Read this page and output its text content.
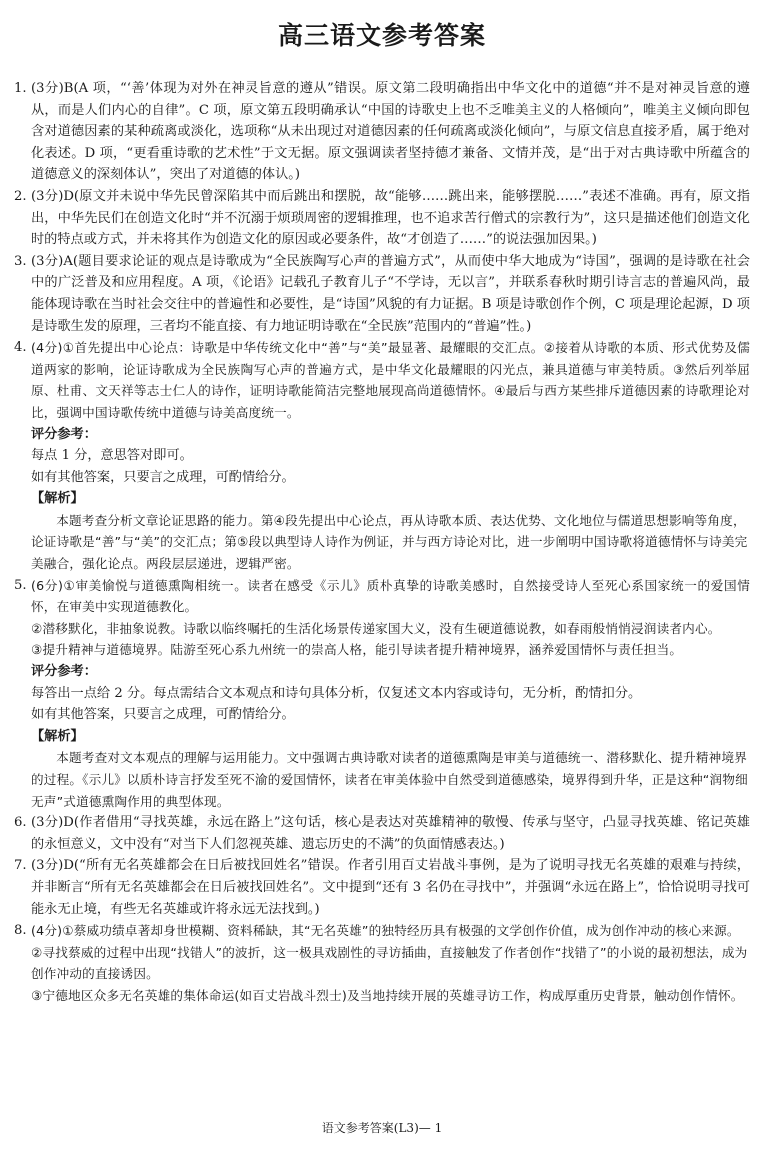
高三语文参考答案
1. (3分)B(A 项，“‘善’体现为对外在神灵旨意的遵从”错误。原文第二段明确指出中华文化中的道德“并不是对神灵旨意的遵从，而是人们内心的自律”。C 项，原文第五段明确承认“中国的诗歌史上也不乏唯美主义的人格倾向”，唯美主义倾向即包含对道德因素的某种疏离或淡化，选项称“从未出现过对道德因素的任何疏离或淡化倾向”，与原文信息直接矛盾，属于绝对化表述。D 项，“更看重诗歌的艺术性”于文无据。原文强调读者坚持德才兼备、文情并茂，是“出于对古典诗歌中所蕴含的道德意义的深刻体认”，突出了对道德的体认。)

2. (3分)D(原文并未说中华先民曾深陷其中而后跳出和摆脱，故“能够……跳出来，能够摆脱……”表述不准确。再有，原文指出，中华先民们在创造文化时“并不沉溺于烦琐周密的逻辑推理，也不追求苦行僧式的宗教行为”，这只是描述他们创造文化时的特点或方式，并未将其作为创造文化的原因或必要条件，故“才创造了……”的说法强加因果。)

3. (3分)A(题目要求论证的观点是诗歌成为“全民族陶写心声的普遍方式”，从而使中华大地成为“诗国”，强调的是诗歌在社会中的广泛普及和应用程度。A 项，《论语》记载孔子教育儿子“不学诗，无以言”，并联系春秋时期引诗言志的普遍风尚，最能体现诗歌在当时社会交往中的普遍性和必要性，是“诗国”风貌的有力证据。B 项是诗歌创作个例，C 项是理论起源，D 项是诗歌生发的原理，三者均不能直接、有力地证明诗歌在“全民族”范围内的“普遍”性。)

4. (4分)①首先提出中心论点：诗歌是中华传统文化中“善”与“美”最显著、最耀眼的交汇点。②接着从诗歌的本质、形式优势及儒道两家的影响，论证诗歌成为全民族陶写心声的普遍方式，是中华文化最耀眼的闪光点，兼具道德与审美特质。③然后列举屈原、杜甫、文天祥等志士仁人的诗作，证明诗歌能简洁完整地展现高尚道德情怀。④最后与西方某些排斥道德因素的诗歌理论对比，强调中国诗歌传统中道德与诗美高度统一。

评分参考：

每点 1 分，意思答对即可。

如有其他答案，只要言之成理，可酌情给分。

【解析】

本题考查分析文章论证思路的能力。第④段先提出中心论点，再从诗歌本质、表达优势、文化地位与儒道思想影响等角度，论证诗歌是“善”与“美”的交汇点；第⑤段以典型诗人诗作为例证，并与西方诗论对比，进一步阐明中国诗歌将道德情怀与诗美完美融合，强化论点。两段层层递进，逻辑严密。

5. (6分)①审美愉悦与道德熏陶相统一。读者在感受《示儿》质朴真挚的诗歌美感时，自然接受诗人至死心系国家统一的爱国情怀，在审美中实现道德教化。

②潜移默化，非抽象说教。诗歌以临终嘱托的生活化场景传递家国大义，没有生硬道德说教，如春雨般悄悄浸润读者内心。

③提升精神与道德境界。陆游至死心系九州统一的崇高人格，能引导读者提升精神境界，涵养爱国情怀与责任担当。

评分参考：

每答出一点给 2 分。每点需结合文本观点和诗句具体分析，仅复述文本内容或诗句，无分析，酌情扣分。

如有其他答案，只要言之成理，可酌情给分。

【解析】

本题考查对文本观点的理解与运用能力。文中强调古典诗歌对读者的道德熏陶是审美与道德统一、潜移默化、提升精神境界的过程。《示儿》以质朴诗言抒发至死不渝的爱国情怀，读者在审美体验中自然受到道德感染，境界得到升华，正是这种“润物细无声”式道德熏陶作用的典型体现。

6. (3分)D(作者借用“寻找英雄，永远在路上”这句话，核心是表达对英雄精神的敬慢、传承与坚守，凸显寻找英雄、铭记英雄的永恒意义，文中没有“对当下人们忽视英雄、遗忘历史的不满”的负面情感表达。)

7. (3分)D(“所有无名英雄都会在日后被找回姓名”错误。作者引用百丈岩战斗事例，是为了说明寻找无名英雄的艰难与持续，并非断言“所有无名英雄都会在日后被找回姓名”。文中提到“还有 3 名仍在寻找中”，并强调“永远在路上”，恰恰说明寻找可能永无止境，有些无名英雄或许将永远无法找到。)

8. (4分)①蔡威功绩卓著却身世模糊、资料稀缺，其“无名英雄”的独特经历具有极强的文学创作价值，成为创作冲动的核心来源。

②寻找蔡威的过程中出现“找错人”的波折，这一极具戏剧性的寻访插曲，直接触发了作者创作“找错了”的小说的最初想法，成为创作冲动的直接诱因。

③宁德地区众多无名英雄的集体命运(如百丈岩战斗烈士)及当地持续开展的英雄寻访工作，构成厚重历史背景，触动创作情怀。

语文参考答案(L3)— 1
